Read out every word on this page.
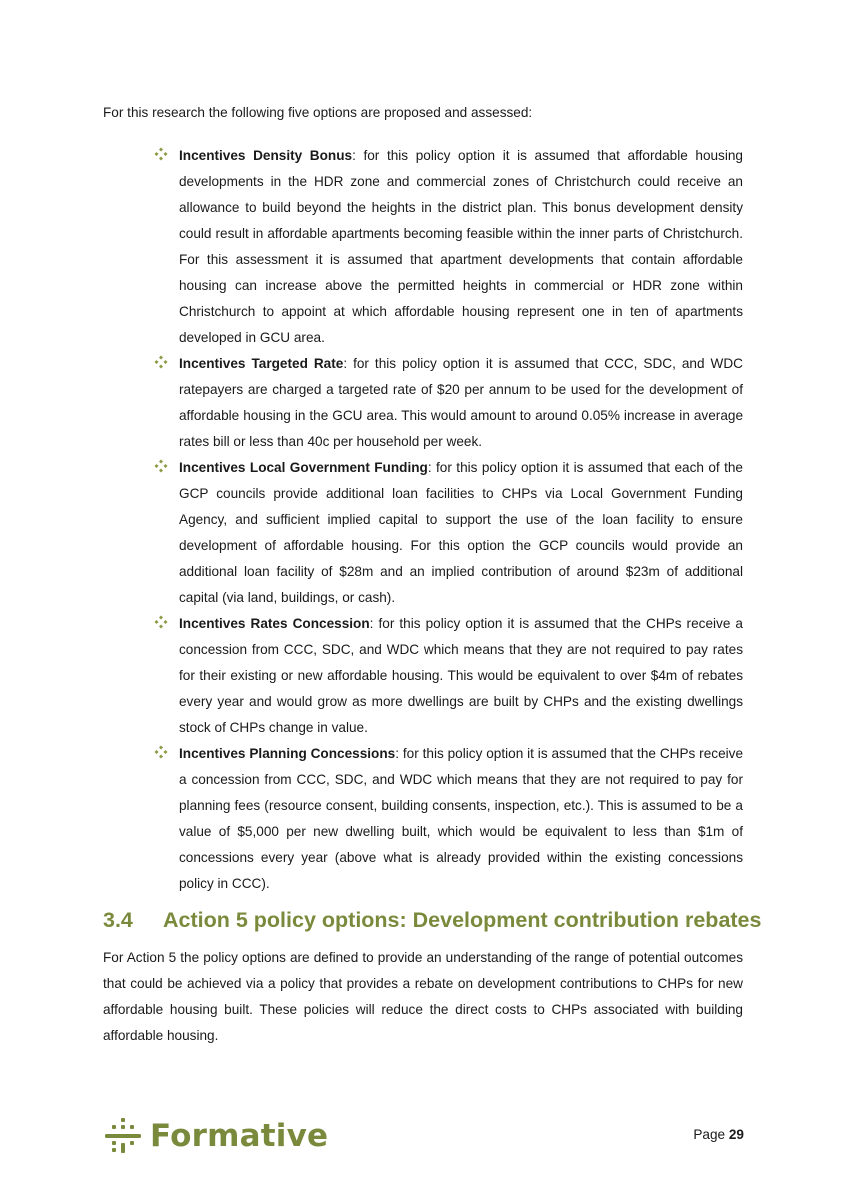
For this research the following five options are proposed and assessed:

Incentives Density Bonus: for this policy option it is assumed that affordable housing developments in the HDR zone and commercial zones of Christchurch could receive an allowance to build beyond the heights in the district plan. This bonus development density could result in affordable apartments becoming feasible within the inner parts of Christchurch. For this assessment it is assumed that apartment developments that contain affordable housing can increase above the permitted heights in commercial or HDR zone within Christchurch to appoint at which affordable housing represent one in ten of apartments developed in GCU area.
Incentives Targeted Rate: for this policy option it is assumed that CCC, SDC, and WDC ratepayers are charged a targeted rate of $20 per annum to be used for the development of affordable housing in the GCU area. This would amount to around 0.05% increase in average rates bill or less than 40c per household per week.
Incentives Local Government Funding: for this policy option it is assumed that each of the GCP councils provide additional loan facilities to CHPs via Local Government Funding Agency, and sufficient implied capital to support the use of the loan facility to ensure development of affordable housing. For this option the GCP councils would provide an additional loan facility of $28m and an implied contribution of around $23m of additional capital (via land, buildings, or cash).
Incentives Rates Concession: for this policy option it is assumed that the CHPs receive a concession from CCC, SDC, and WDC which means that they are not required to pay rates for their existing or new affordable housing. This would be equivalent to over $4m of rebates every year and would grow as more dwellings are built by CHPs and the existing dwellings stock of CHPs change in value.
Incentives Planning Concessions: for this policy option it is assumed that the CHPs receive a concession from CCC, SDC, and WDC which means that they are not required to pay for planning fees (resource consent, building consents, inspection, etc.). This is assumed to be a value of $5,000 per new dwelling built, which would be equivalent to less than $1m of concessions every year (above what is already provided within the existing concessions policy in CCC).
3.4 Action 5 policy options: Development contribution rebates

For Action 5 the policy options are defined to provide an understanding of the range of potential outcomes that could be achieved via a policy that provides a rebate on development contributions to CHPs for new affordable housing built. These policies will reduce the direct costs to CHPs associated with building affordable housing.

Formative	Page 29
